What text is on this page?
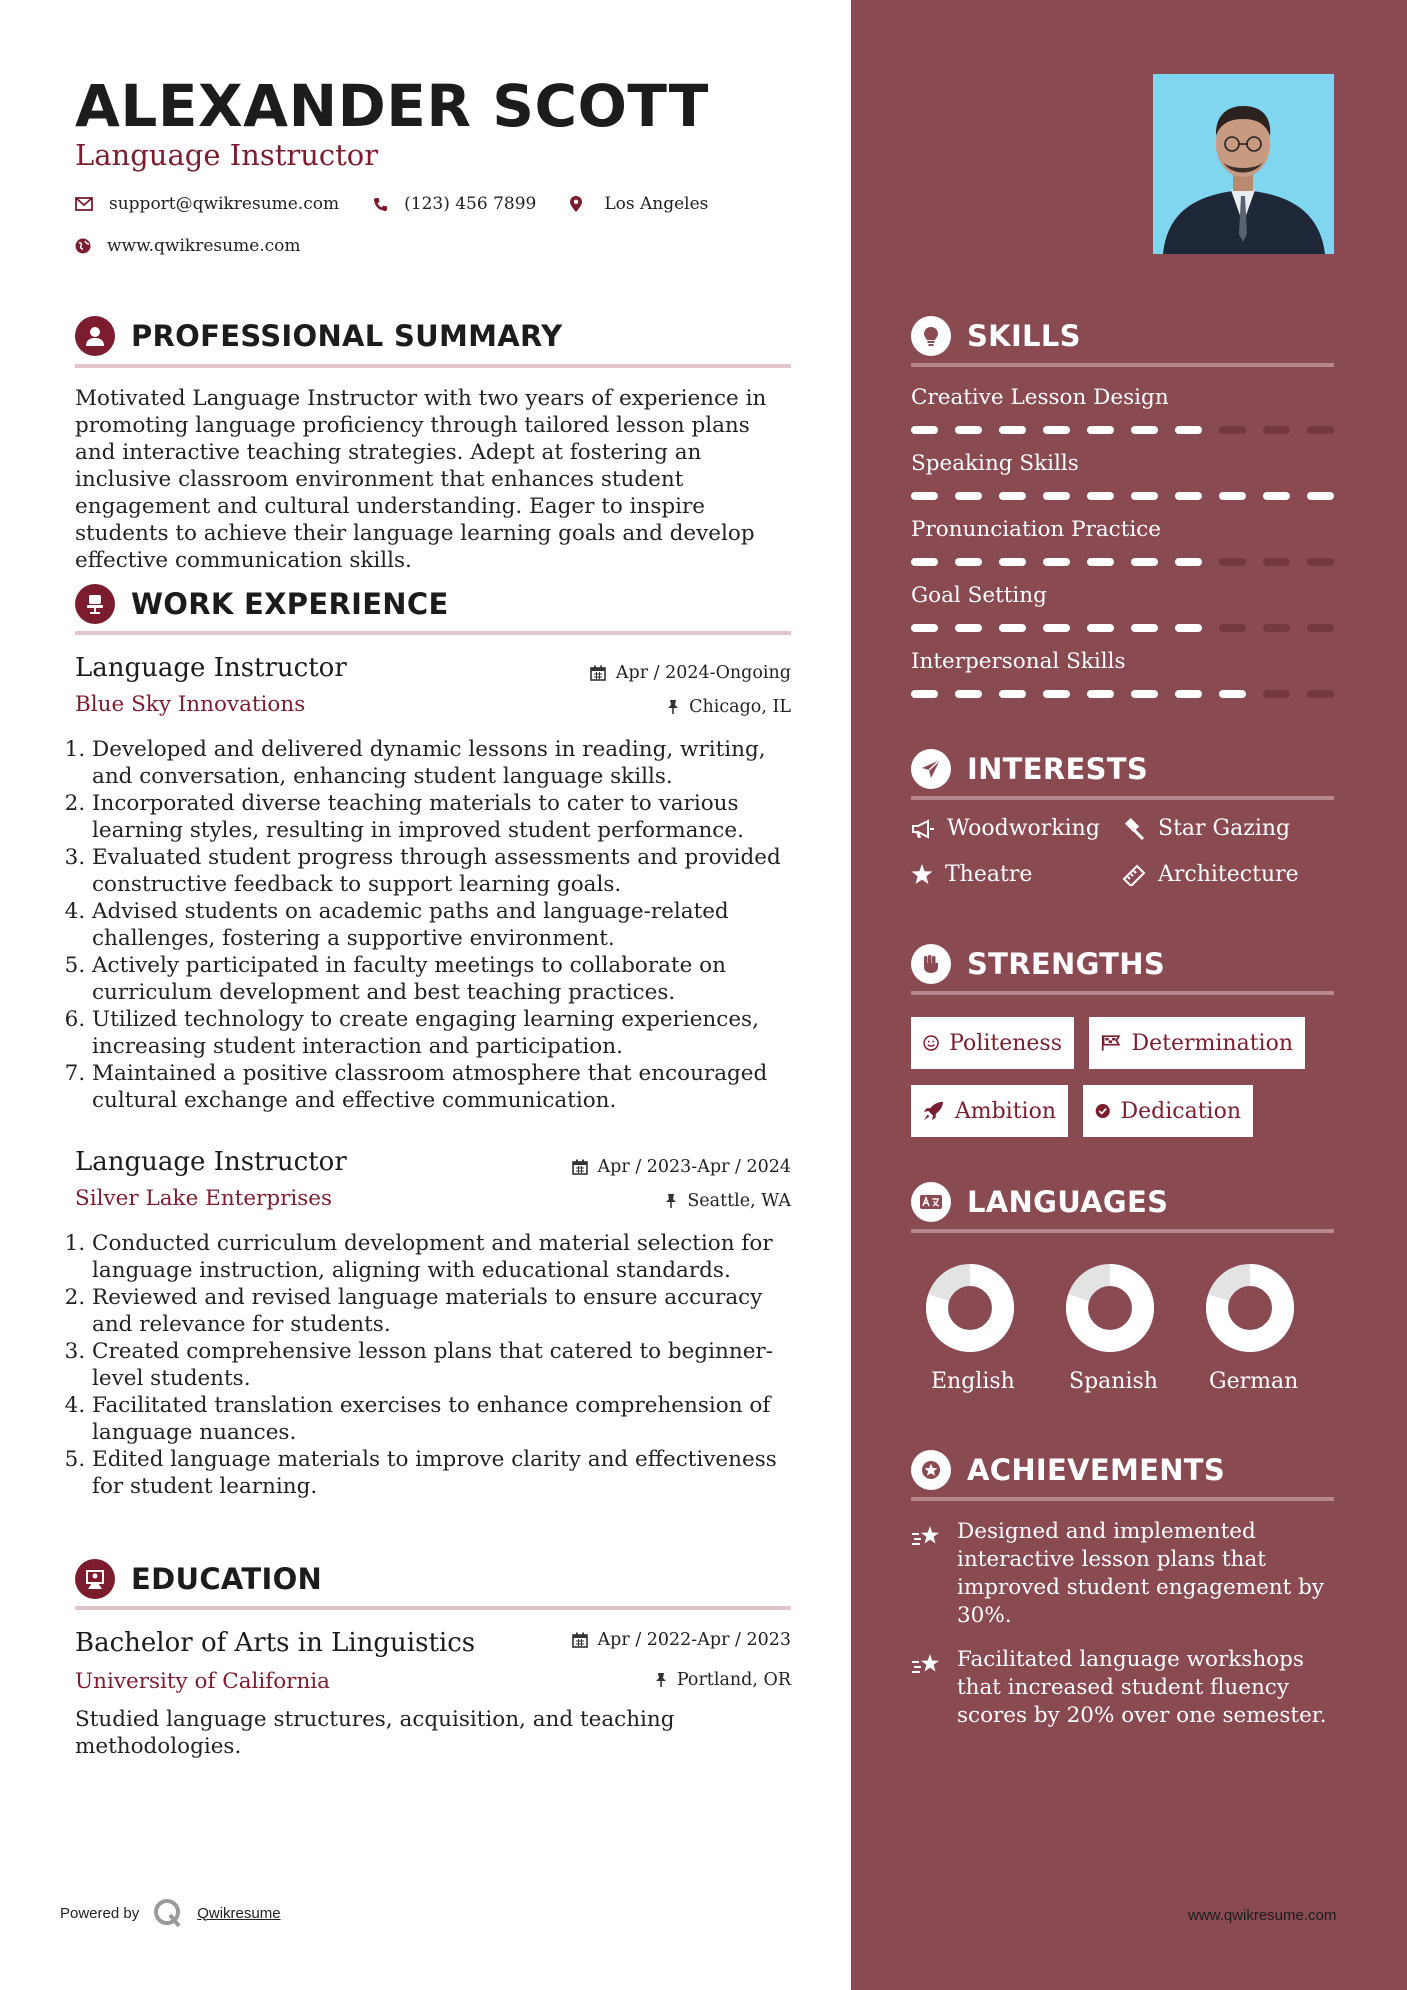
ALEXANDER SCOTT
Language Instructor
support@qwikresume.com	(123) 456 7899	Los Angeles
www.qwikresume.com
PROFESSIONAL SUMMARY
Motivated Language Instructor with two years of experience in promoting language proficiency through tailored lesson plans and interactive teaching strategies. Adept at fostering an inclusive classroom environment that enhances student engagement and cultural understanding. Eager to inspire students to achieve their language learning goals and develop effective communication skills.
WORK EXPERIENCE
Language Instructor	Apr / 2024-Ongoing
Blue Sky Innovations	Chicago, IL
1. Developed and delivered dynamic lessons in reading, writing, and conversation, enhancing student language skills.
2. Incorporated diverse teaching materials to cater to various learning styles, resulting in improved student performance.
3. Evaluated student progress through assessments and provided constructive feedback to support learning goals.
4. Advised students on academic paths and language-related challenges, fostering a supportive environment.
5. Actively participated in faculty meetings to collaborate on curriculum development and best teaching practices.
6. Utilized technology to create engaging learning experiences, increasing student interaction and participation.
7. Maintained a positive classroom atmosphere that encouraged cultural exchange and effective communication.
Language Instructor	Apr / 2023-Apr / 2024
Silver Lake Enterprises	Seattle, WA
1. Conducted curriculum development and material selection for language instruction, aligning with educational standards.
2. Reviewed and revised language materials to ensure accuracy and relevance for students.
3. Created comprehensive lesson plans that catered to beginner-level students.
4. Facilitated translation exercises to enhance comprehension of language nuances.
5. Edited language materials to improve clarity and effectiveness for student learning.
EDUCATION
Bachelor of Arts in Linguistics	Apr / 2022-Apr / 2023
University of California	Portland, OR
Studied language structures, acquisition, and teaching methodologies.
Powered by	Qwikresume
SKILLS
Creative Lesson Design
Speaking Skills
Pronunciation Practice
Goal Setting
Interpersonal Skills
INTERESTS
Woodworking	Star Gazing
Theatre	Architecture
STRENGTHS
Politeness	Determination
Ambition	Dedication
LANGUAGES
English Spanish German
ACHIEVEMENTS
Designed and implemented interactive lesson plans that improved student engagement by 30%.
Facilitated language workshops that increased student fluency scores by 20% over one semester.
www.qwikresume.com
